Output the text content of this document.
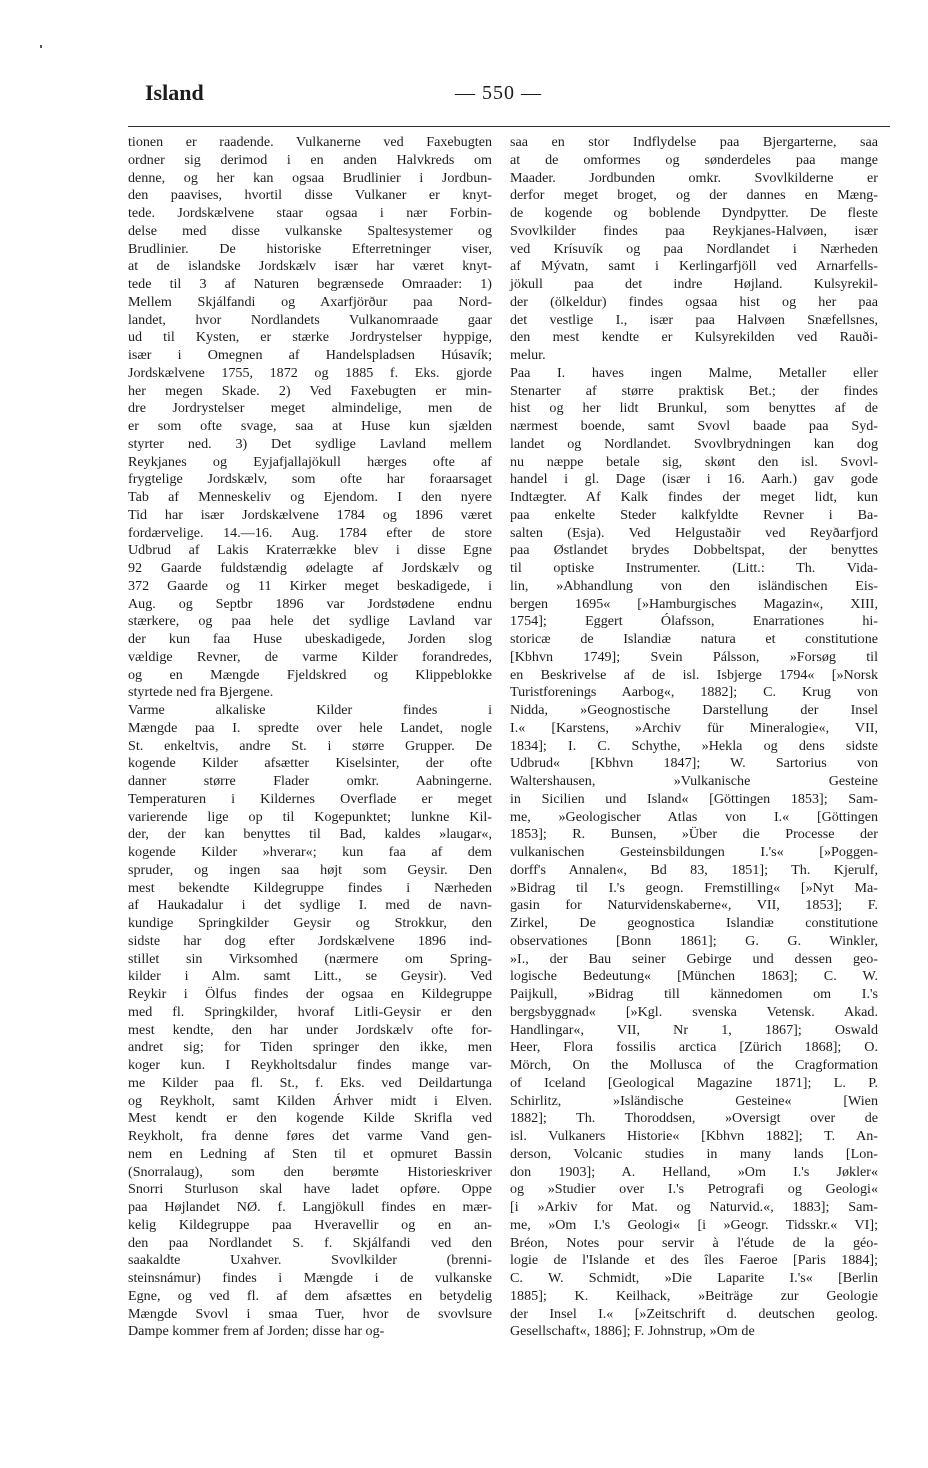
Island	— 550 —
tionen er raadende. Vulkanerne ved Faxebugten
ordner sig derimod i en anden Halvkreds om
denne, og her kan ogsaa Brudlinier i Jordbun-
den paavises, hvortil disse Vulkaner er knyt-
tede. Jordskælvene staar ogsaa i nær Forbin-
delse med disse vulkanske Spaltesystemer og
Brudlinier. De historiske Efterretninger viser,
at de islandske Jordskælv især har været knyt-
tede til 3 af Naturen begrænsede Omraader: 1)
Mellem Skjálfandi og Axarfjörður paa Nord-
landet, hvor Nordlandets Vulkanomraade gaar
ud til Kysten, er stærke Jordrystelser hyppige,
især i Omegnen af Handelspladsen Húsavík;
Jordskælvene 1755, 1872 og 1885 f. Eks. gjorde
her megen Skade. 2) Ved Faxebugten er min-
dre Jordrystelser meget almindelige, men de
er som ofte svage, saa at Huse kun sjælden
styrter ned. 3) Det sydlige Lavland mellem
Reykjanes og Eyjafjallajökull hærges ofte af
frygtelige Jordskælv, som ofte har foraarsaget
Tab af Menneskeliv og Ejendom. I den nyere
Tid har især Jordskælvene 1784 og 1896 været
fordærvelige. 14.—16. Aug. 1784 efter de store
Udbrud af Lakis Kraterrække blev i disse Egne
92 Gaarde fuldstændig ødelagte af Jordskælv og
372 Gaarde og 11 Kirker meget beskadigede, i
Aug. og Septbr 1896 var Jordstødene endnu
stærkere, og paa hele det sydlige Lavland var
der kun faa Huse ubeskadigede, Jorden slog
vældige Revner, de varme Kilder forandredes,
og en Mængde Fjeldskred og Klippeblokke
styrtede ned fra Bjergene.
Varme alkaliske Kilder findes i
Mængde paa I. spredte over hele Landet, nogle
St. enkeltvis, andre St. i større Grupper. De
kogende Kilder afsætter Kiselsinter, der ofte
danner større Flader omkr. Aabningerne.
Temperaturen i Kildernes Overflade er meget
varierende lige op til Kogepunktet; lunkne Kil-
der, der kan benyttes til Bad, kaldes »laugar«,
kogende Kilder »hverar«; kun faa af dem
spruder, og ingen saa højt som Geysir. Den
mest bekendte Kildegruppe findes i Nærheden
af Haukadalur i det sydlige I. med de navn-
kundige Springkilder Geysir og Strokkur, den
sidste har dog efter Jordskælvene 1896 ind-
stillet sin Virksomhed (nærmere om Spring-
kilder i Alm. samt Litt., se Geysir). Ved
Reykir i Ölfus findes der ogsaa en Kildegruppe
med fl. Springkilder, hvoraf Litli-Geysir er den
mest kendte, den har under Jordskælv ofte for-
andret sig; for Tiden springer den ikke, men
koger kun. I Reykholtsdalur findes mange var-
me Kilder paa fl. St., f. Eks. ved Deildartunga
og Reykholt, samt Kilden Árhver midt i Elven.
Mest kendt er den kogende Kilde Skrifla ved
Reykholt, fra denne føres det varme Vand gen-
nem en Ledning af Sten til et opmuret Bassin
(Snorralaug), som den berømte Historieskriver
Snorri Sturluson skal have ladet opføre. Oppe
paa Højlandet NØ. f. Langjökull findes en mær-
kelig Kildegruppe paa Hveravellir og en an-
den paa Nordlandet S. f. Skjálfandi ved den
saakaldte Uxahver. Svovlkilder (brenni-
steinsnámur) findes i Mængde i de vulkanske
Egne, og ved fl. af dem afsættes en betydelig
Mængde Svovl i smaa Tuer, hvor de svovlsure
Dampe kommer frem af Jorden; disse har og-
saa en stor Indflydelse paa Bjergarterne, saa
at de omformes og sønderdeles paa mange
Maader. Jordbunden omkr. Svovlkilderne er
derfor meget broget, og der dannes en Mæng-
de kogende og boblende Dyndpytter. De fleste
Svovlkilder findes paa Reykjanes-Halvøen, især
ved Krísuvík og paa Nordlandet i Nærheden
af Mývatn, samt i Kerlingarfjöll ved Arnarfells-
jökull paa det indre Højland. Kulsyrekil-
der (ölkeldur) findes ogsaa hist og her paa
det vestlige I., især paa Halvøen Snæfellsnes,
den mest kendte er Kulsyrekilden ved Rauði-
melur.
Paa I. haves ingen Malme, Metaller eller
Stenarter af større praktisk Bet.; der findes
hist og her lidt Brunkul, som benyttes af de
nærmest boende, samt Svovl baade paa Syd-
landet og Nordlandet. Svovlbrydningen kan dog
nu næppe betale sig, skønt den isl. Svovl-
handel i gl. Dage (især i 16. Aarh.) gav gode
Indtægter. Af Kalk findes der meget lidt, kun
paa enkelte Steder kalkfyldte Revner i Ba-
salten (Esja). Ved Helgustaðir ved Reyðarfjord
paa Østlandet brydes Dobbeltspat, der benyttes
til optiske Instrumenter. (Litt.: Th. Vida-
lin, »Abhandlung von den isländischen Eis-
bergen 1695« [»Hamburgisches Magazin«, XIII,
1754]; Eggert Ólafsson, Enarrationes hi-
storicæ de Islandiæ natura et constitutione
[Kbhvn 1749]; Svein Pálsson, »Forsøg til
en Beskrivelse af de isl. Isbjerge 1794« [»Norsk
Turistforenings Aarbog«, 1882]; C. Krug von
Nidda, »Geognostische Darstellung der Insel
I.« [Karstens, »Archiv für Mineralogie«, VII,
1834]; I. C. Schythe, »Hekla og dens sidste
Udbrud« [Kbhvn 1847]; W. Sartorius von
Waltershausen, »Vulkanische Gesteine
in Sicilien und Island« [Göttingen 1853]; Sam-
me, »Geologischer Atlas von I.« [Göttingen
1853]; R. Bunsen, »Über die Processe der
vulkanischen Gesteinsbildungen I.'s« [»Poggen-
dorff's Annalen«, Bd 83, 1851]; Th. Kjerulf,
»Bidrag til I.'s geogn. Fremstilling« [»Nyt Ma-
gasin for Naturvidenskaberne«, VII, 1853]; F.
Zirkel, De geognostica Islandiæ constitutione
observationes [Bonn 1861]; G. G. Winkler,
»I., der Bau seiner Gebirge und dessen geo-
logische Bedeutung« [München 1863]; C. W.
Paijkull, »Bidrag till kännedomen om I.'s
bergsbyggnad« [»Kgl. svenska Vetensk. Akad.
Handlingar«, VII, Nr 1, 1867]; Oswald
Heer, Flora fossilis arctica [Zürich 1868]; O.
Mörch, On the Mollusca of the Cragformation
of Iceland [Geological Magazine 1871]; L. P.
Schirlitz, »Isländische Gesteine« [Wien
1882]; Th. Thoroddsen, »Oversigt over de
isl. Vulkaners Historie« [Kbhvn 1882]; T. An-
derson, Volcanic studies in many lands [Lon-
don 1903]; A. Helland, »Om I.'s Jøkler«
og »Studier over I.'s Petrografi og Geologi«
[i »Arkiv for Mat. og Naturvid.«, 1883]; Sam-
me, »Om I.'s Geologi« [i »Geogr. Tidsskr.« VI];
Bréon, Notes pour servir à l'étude de la géo-
logie de l'Islande et des îles Faeroe [Paris 1884];
C. W. Schmidt, »Die Laparite I.'s« [Berlin
1885]; K. Keilhack, »Beiträge zur Geologie
der Insel I.« [»Zeitschrift d. deutschen geolog.
Gesellschaft«, 1886]; F. Johnstrup, »Om de
